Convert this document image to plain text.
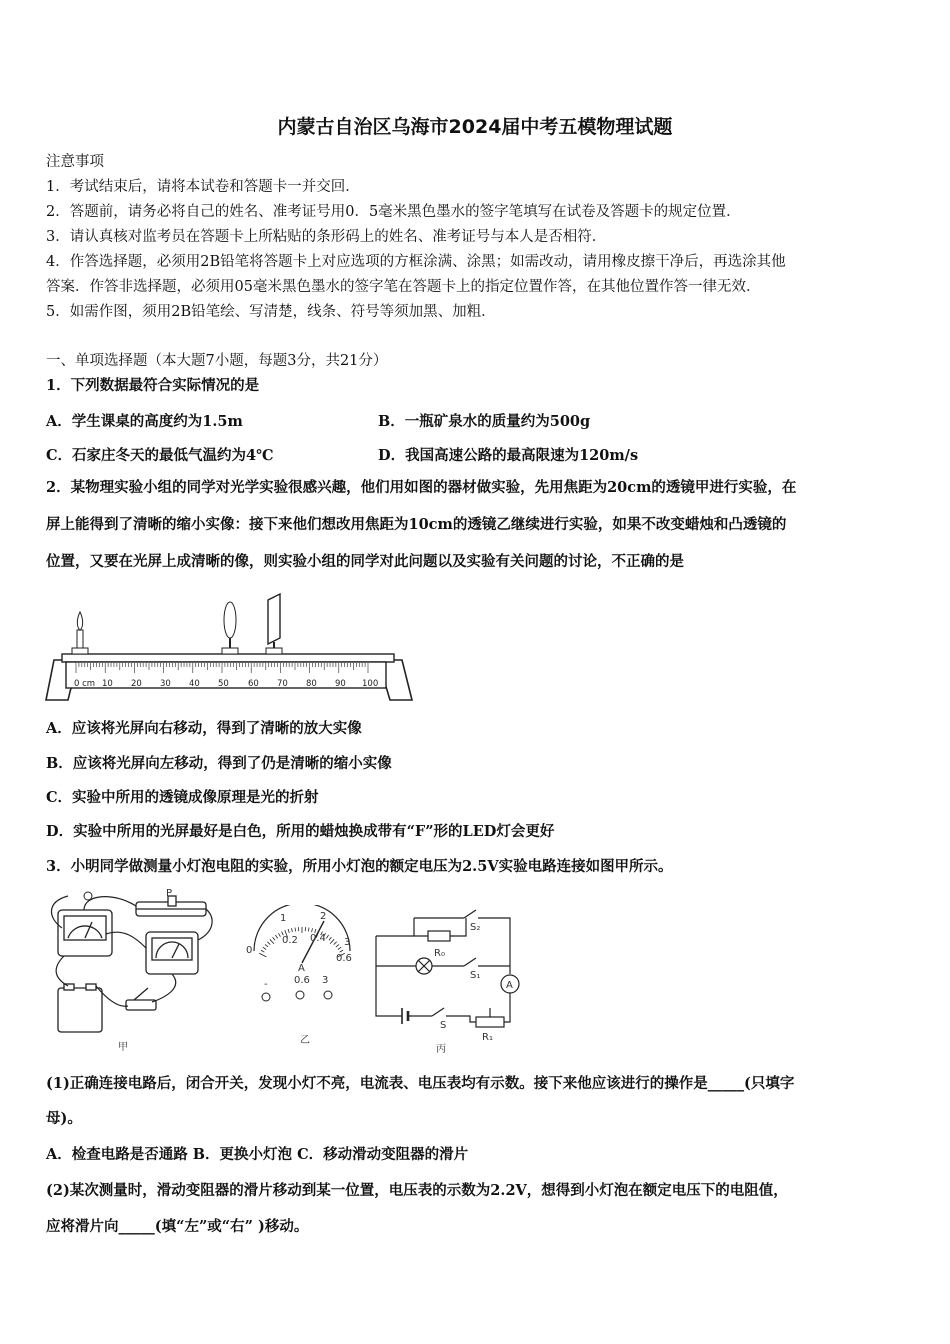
内蒙古自治区乌海市2024届中考五模物理试题
注意事项
1．考试结束后，请将本试卷和答题卡一并交回．
2．答题前，请务必将自己的姓名、准考证号用0．5毫米黑色墨水的签字笔填写在试卷及答题卡的规定位置．
3．请认真核对监考员在答题卡上所粘贴的条形码上的姓名、准考证号与本人是否相符．
4．作答选择题，必须用2B铅笔将答题卡上对应选项的方框涂满、涂黑；如需改动，请用橡皮擦干净后，再选涂其他
答案．作答非选择题，必须用05毫米黑色墨水的签字笔在答题卡上的指定位置作答，在其他位置作答一律无效．
5．如需作图，须用2B铅笔绘、写清楚，线条、符号等须加黑、加粗．
一、单项选择题（本大题7小题，每题3分，共21分）
1．下列数据最符合实际情况的是
A．学生课桌的高度约为1.5m	B．一瓶矿泉水的质量约为500g
C．石家庄冬天的最低气温约为4℃	D．我国高速公路的最高限速为120m/s
2．某物理实验小组的同学对光学实验很感兴趣，他们用如图的器材做实验，先用焦距为20cm的透镜甲进行实验，在
屏上能得到了清晰的缩小实像：接下来他们想改用焦距为10cm的透镜乙继续进行实验，如果不改变蜡烛和凸透镜的
位置，又要在光屏上成清晰的像，则实验小组的同学对此问题以及实验有关问题的讨论，不正确的是
0 cm 10 20 30 40 50 60 70 80 90 100
A．应该将光屏向右移动，得到了清晰的放大实像
B．应该将光屏向左移动，得到了仍是清晰的缩小实像
C．实验中所用的透镜成像原理是光的折射
D．实验中所用的光屏最好是白色，所用的蜡烛换成带有“F”形的LED灯会更好
3．小明同学做测量小灯泡电阻的实验，所用小灯泡的额定电压为2.5V实验电路连接如图甲所示。
P
甲
1	2
0.2 0.4
0
3
0.6
A
-	0.6 3
乙
S₂
R₀
S₁
A
S
R₁
丙
(1)正确连接电路后，闭合开关，发现小灯不亮，电流表、电压表均有示数。接下来他应该进行的操作是_____(只填字
母)。
A．检查电路是否通路 B．更换小灯泡 C．移动滑动变阻器的滑片
(2)某次测量时，滑动变阻器的滑片移动到某一位置，电压表的示数为2.2V，想得到小灯泡在额定电压下的电阻值，
应将滑片向_____(填“左”或“右” )移动。
